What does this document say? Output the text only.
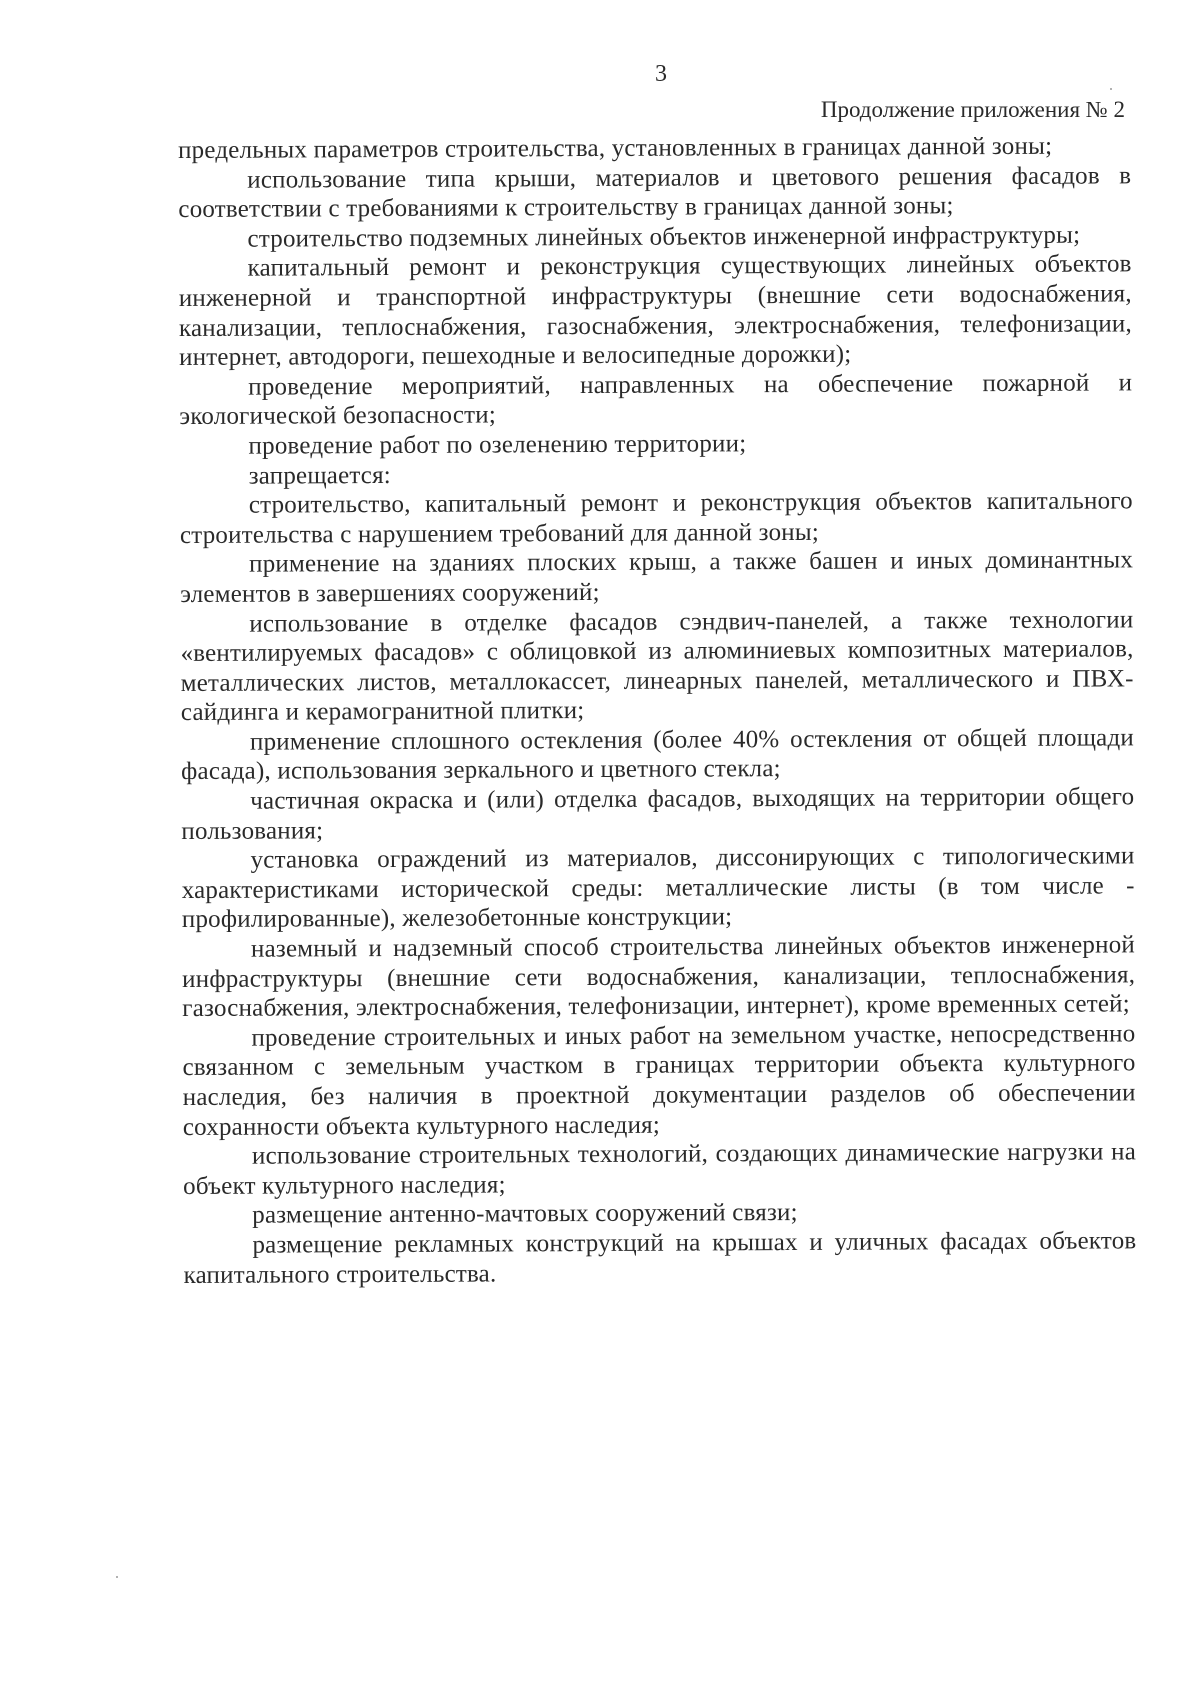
3
Продолжение приложения № 2

предельных параметров строительства, установленных в границах данной зоны;

использование типа крыши, материалов и цветового решения фасадов в соответствии с требованиями к строительству в границах данной зоны;

строительство подземных линейных объектов инженерной инфраструктуры;

капитальный ремонт и реконструкция существующих линейных объектов инженерной и транспортной инфраструктуры (внешние сети водоснабжения, канализации, теплоснабжения, газоснабжения, электроснабжения, телефонизации, интернет, автодороги, пешеходные и велосипедные дорожки);

проведение мероприятий, направленных на обеспечение пожарной и экологической безопасности;

проведение работ по озеленению территории;

запрещается:

строительство, капитальный ремонт и реконструкция объектов капитального строительства с нарушением требований для данной зоны;

применение на зданиях плоских крыш, а также башен и иных доминантных элементов в завершениях сооружений;

использование в отделке фасадов сэндвич-панелей, а также технологии «вентилируемых фасадов» с облицовкой из алюминиевых композитных материалов, металлических листов, металлокассет, линеарных панелей, металлического и ПВХ-сайдинга и керамогранитной плитки;

применение сплошного остекления (более 40% остекления от общей площади фасада), использования зеркального и цветного стекла;

частичная окраска и (или) отделка фасадов, выходящих на территории общего пользования;

установка ограждений из материалов, диссонирующих с типологическими характеристиками исторической среды: металлические листы (в том числе - профилированные), железобетонные конструкции;

наземный и надземный способ строительства линейных объектов инженерной инфраструктуры (внешние сети водоснабжения, канализации, теплоснабжения, газоснабжения, электроснабжения, телефонизации, интернет), кроме временных сетей;

проведение строительных и иных работ на земельном участке, непосредственно связанном с земельным участком в границах территории объекта культурного наследия, без наличия в проектной документации разделов об обеспечении сохранности объекта культурного наследия;

использование строительных технологий, создающих динамические нагрузки на объект культурного наследия;

размещение антенно-мачтовых сооружений связи;

размещение рекламных конструкций на крышах и уличных фасадах объектов капитального строительства.
